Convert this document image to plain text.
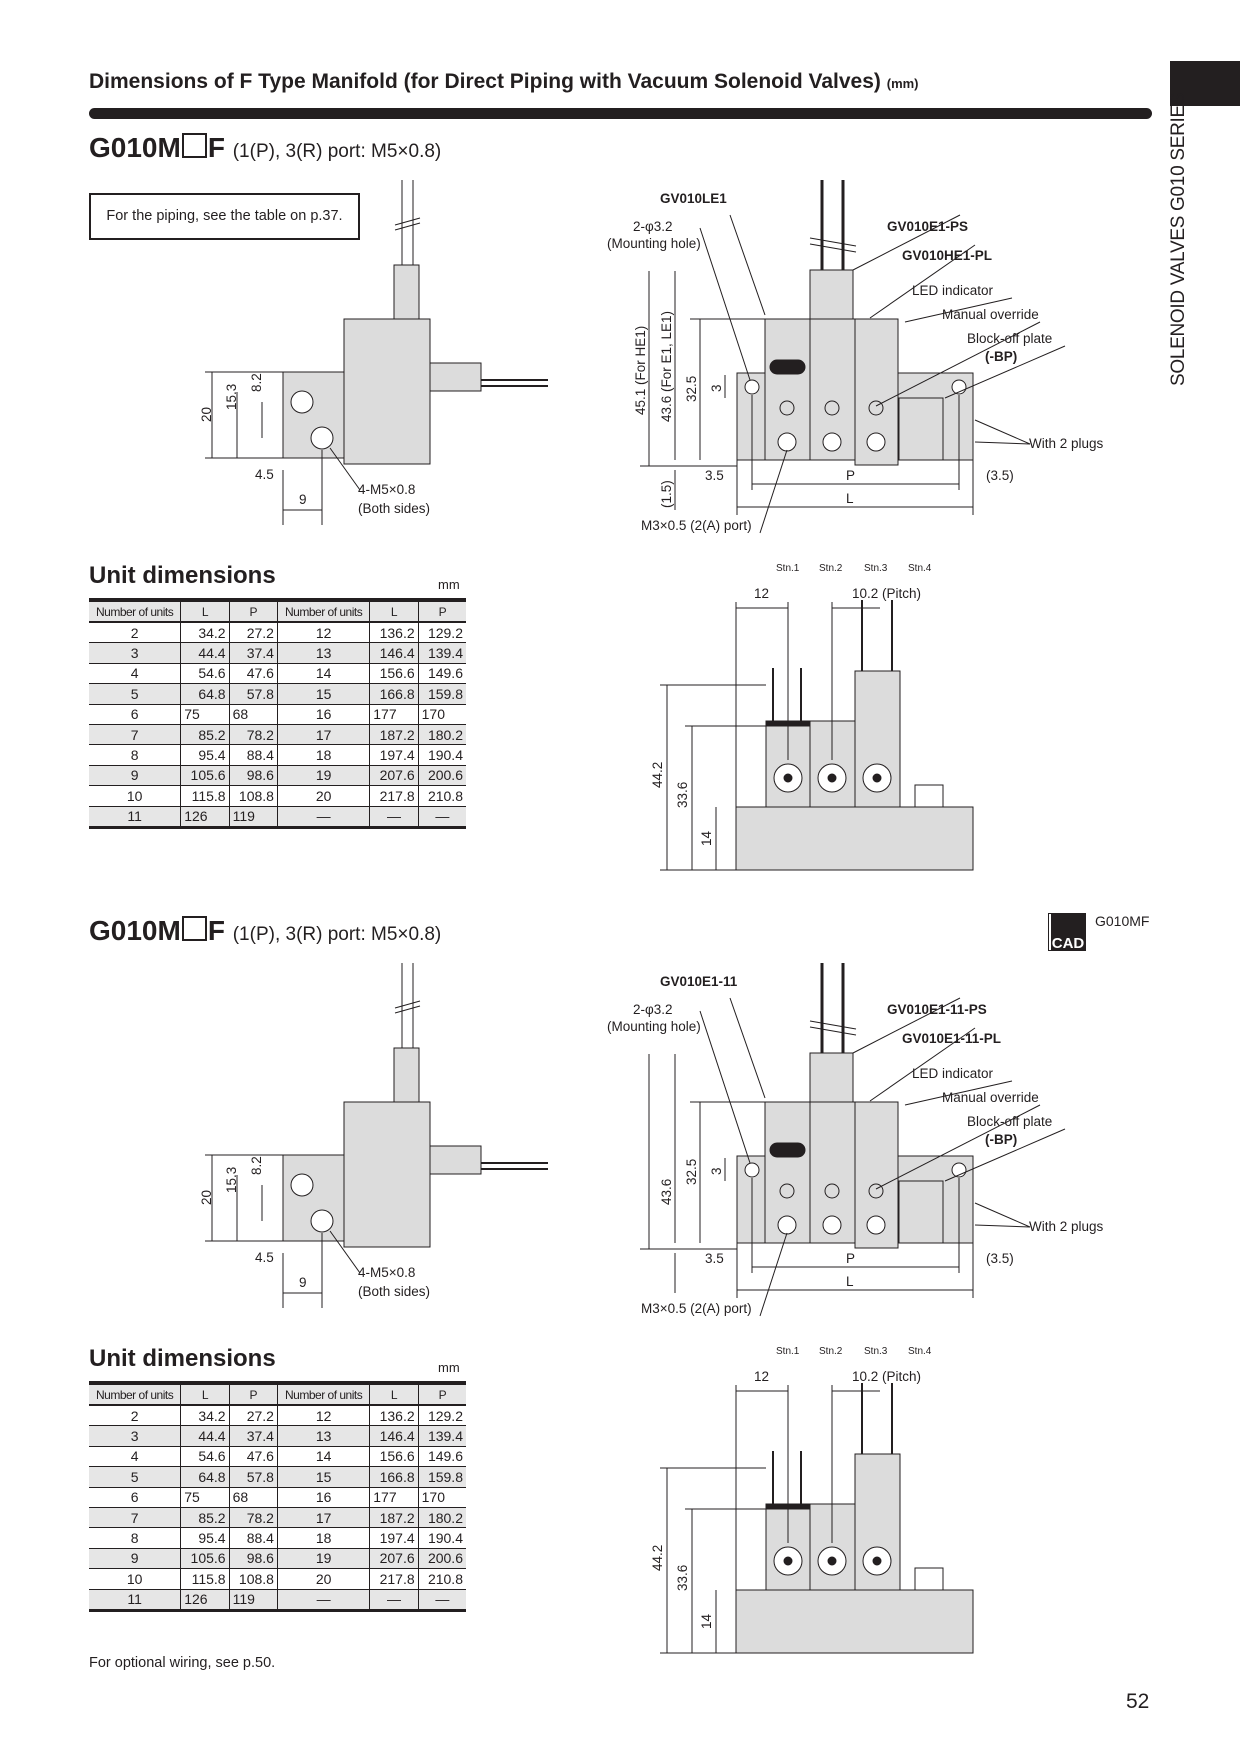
Dimensions of F Type Manifold (for Direct Piping with Vacuum Solenoid Valves) (mm)
SOLENOID VALVES G010 SERIES
G010M F (1(P), 3(R) port: M5×0.8)
For the piping, see the table on p.37.
20
15.3
8.2
4.5
9
4-M5×0.8
(Both sides)
GV010LE1
2-φ3.2
(Mounting hole)
GV010E1-PS
GV010HE1-PL
LED indicator
Manual override
Block-off plate
(-BP)
With 2 plugs
45.1 (For HE1) 43.6 (For E1, LE1) 32.5 3
(1.5)
3.5	P	(3.5)
L
M3×0.5 (2(A) port)
Stn.1 Stn.2 Stn.3 Stn.4
12	10.2 (Pitch)
44.2
33.6
14
Unit dimensions	mm
Number of units	L	P	Number of units	L	P
2	34.2	27.2	12	136.2	129.2
3	44.4	37.4	13	146.4	139.4
4	54.6	47.6	14	156.6	149.6
5	64.8	57.8	15	166.8	159.8
6	75	68	16	177	170
7	85.2	78.2	17	187.2	180.2
8	95.4	88.4	18	197.4	190.4
9	105.6	98.6	19	207.6	200.6
10	115.8	108.8	20	217.8	210.8
11	126	119	—	—	—
G010M F (1(P), 3(R) port: M5×0.8)
20
15.3
8.2
4.5
9
4-M5×0.8
(Both sides)
GV010E1-11
2-φ3.2
(Mounting hole)
GV010E1-11-PS
GV010E1-11-PL
LED indicator
Manual override
Block-off plate
(-BP)
With 2 plugs
43.6
32.5 3
3.5	P	(3.5)
L
M3×0.5 (2(A) port)
Stn.1 Stn.2 Stn.3 Stn.4
12	10.2 (Pitch)
44.2
33.6
14
Unit dimensions	mm
Number of units	L	P	Number of units	L	P
2	34.2	27.2	12	136.2	129.2
3	44.4	37.4	13	146.4	139.4
4	54.6	47.6	14	156.6	149.6
5	64.8	57.8	15	166.8	159.8
6	75	68	16	177	170
7	85.2	78.2	17	187.2	180.2
8	95.4	88.4	18	197.4	190.4
9	105.6	98.6	19	207.6	200.6
10	115.8	108.8	20	217.8	210.8
11	126	119	—	—	—
CAD
G010MF
For optional wiring, see p.50.
52
